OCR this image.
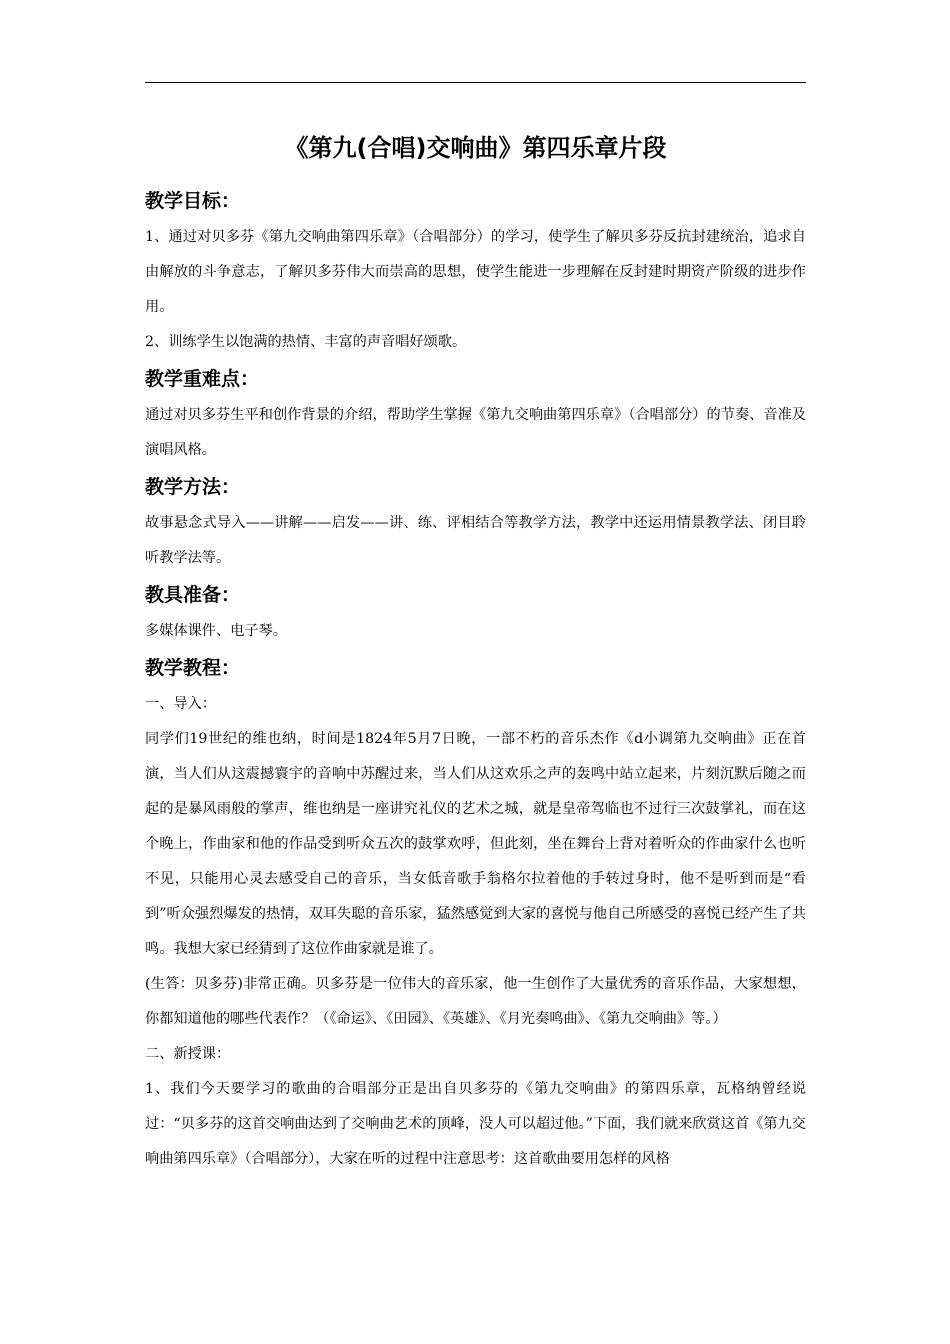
《第九(合唱)交响曲》第四乐章片段

教学目标：

1、通过对贝多芬《第九交响曲第四乐章》（合唱部分）的学习，使学生了解贝多芬反抗封建统治，追求自由解放的斗争意志，了解贝多芬伟大而崇高的思想，使学生能进一步理解在反封建时期资产阶级的进步作用。

2、训练学生以饱满的热情、丰富的声音唱好颂歌。

教学重难点：

通过对贝多芬生平和创作背景的介绍，帮助学生掌握《第九交响曲第四乐章》（合唱部分）的节奏、音准及演唱风格。

教学方法：

故事悬念式导入——讲解——启发——讲、练、评相结合等教学方法，教学中还运用情景教学法、闭目聆听教学法等。

教具准备：

多媒体课件、电子琴。

教学教程：

一、导入：

同学们19世纪的维也纳，时间是1824年5月7日晚，一部不朽的音乐杰作《d小调第九交响曲》正在首演，当人们从这震撼寰宇的音响中苏醒过来，当人们从这欢乐之声的轰鸣中站立起来，片刻沉默后随之而起的是暴风雨般的掌声，维也纳是一座讲究礼仪的艺术之城，就是皇帝驾临也不过行三次鼓掌礼，而在这个晚上，作曲家和他的作品受到听众五次的鼓掌欢呼，但此刻，坐在舞台上背对着听众的作曲家什么也听不见，只能用心灵去感受自己的音乐，当女低音歌手翁格尔拉着他的手转过身时，他不是听到而是“看到”听众强烈爆发的热情，双耳失聪的音乐家，猛然感觉到大家的喜悦与他自己所感受的喜悦已经产生了共鸣。我想大家已经猜到了这位作曲家就是谁了。

(生答：贝多芬)非常正确。贝多芬是一位伟大的音乐家，他一生创作了大量优秀的音乐作品，大家想想，你都知道他的哪些代表作？（《命运》、《田园》、《英雄》、《月光奏鸣曲》、《第九交响曲》等。）

二、新授课：

1、我们今天要学习的歌曲的合唱部分正是出自贝多芬的《第九交响曲》的第四乐章，瓦格纳曾经说过：“贝多芬的这首交响曲达到了交响曲艺术的顶峰，没人可以超过他。”下面，我们就来欣赏这首《第九交响曲第四乐章》（合唱部分），大家在听的过程中注意思考：这首歌曲要用怎样的风格
